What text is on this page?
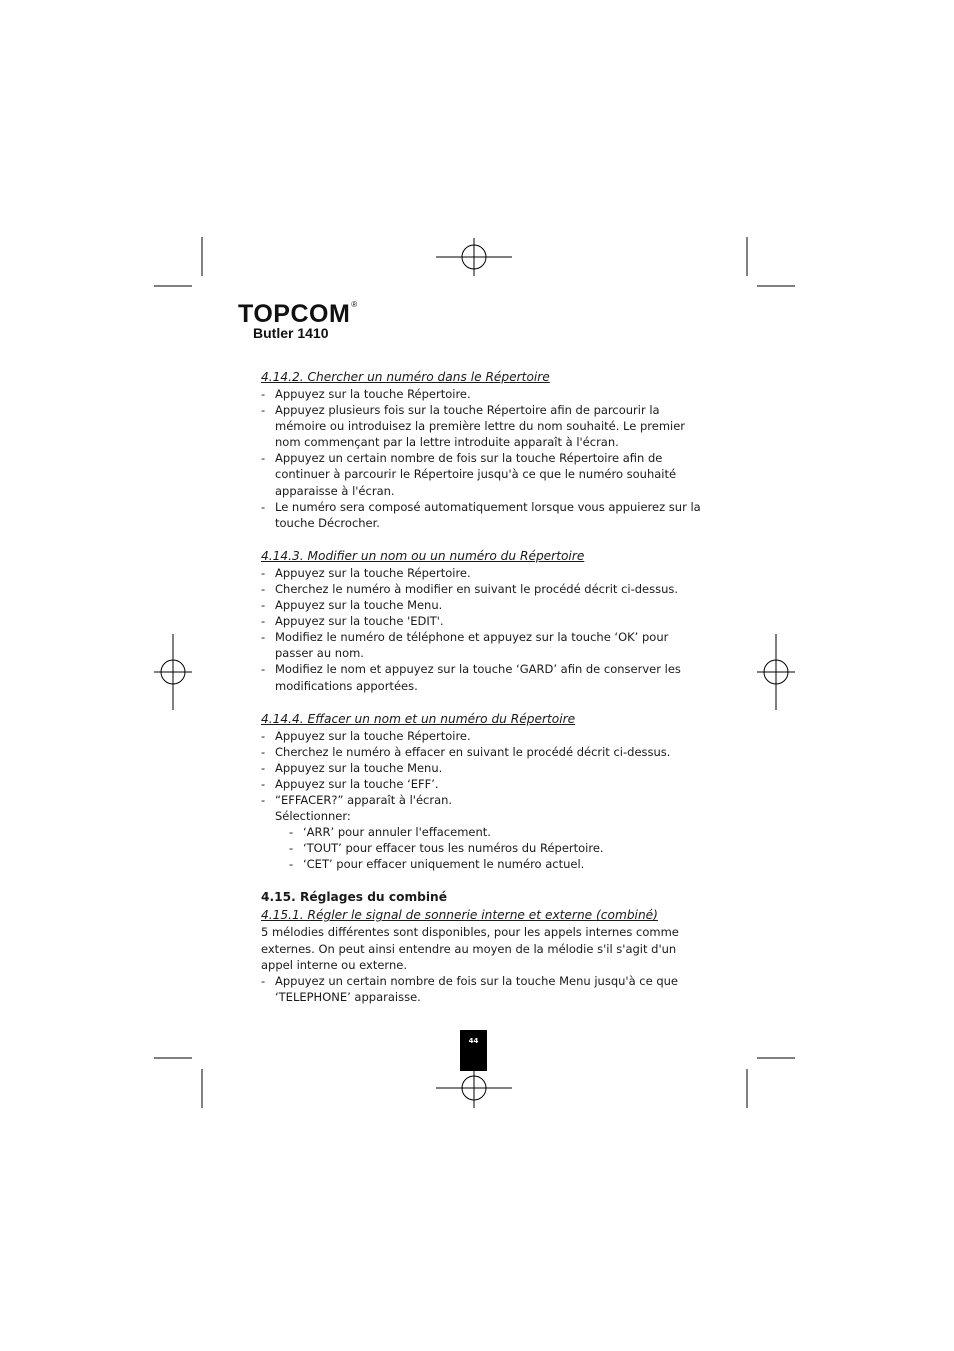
TOPCOM®
Butler 1410

4.14.2. Chercher un numéro dans le Répertoire

- Appuyez sur la touche Répertoire.
- Appuyez plusieurs fois sur la touche Répertoire afin de parcourir la mémoire ou introduisez la première lettre du nom souhaité. Le premier nom commençant par la lettre introduite apparaît à l'écran.
- Appuyez un certain nombre de fois sur la touche Répertoire afin de continuer à parcourir le Répertoire jusqu'à ce que le numéro souhaité apparaisse à l'écran.
- Le numéro sera composé automatiquement lorsque vous appuierez sur la touche Décrocher.

4.14.3. Modifier un nom ou un numéro du Répertoire

- Appuyez sur la touche Répertoire.
- Cherchez le numéro à modifier en suivant le procédé décrit ci-dessus.
- Appuyez sur la touche Menu.
- Appuyez sur la touche 'EDIT'.
- Modifiez le numéro de téléphone et appuyez sur la touche ‘OK’ pour passer au nom.
- Modifiez le nom et appuyez sur la touche ‘GARD’ afin de conserver les modifications apportées.

4.14.4. Effacer un nom et un numéro du Répertoire

- Appuyez sur la touche Répertoire.
- Cherchez le numéro à effacer en suivant le procédé décrit ci-dessus.
- Appuyez sur la touche Menu.
- Appuyez sur la touche ‘EFF’.
- “EFFACER?” apparaît à l'écran.
Sélectionner:
- ‘ARR’ pour annuler l'effacement.
- ‘TOUT’ pour effacer tous les numéros du Répertoire.
- ‘CET’ pour effacer uniquement le numéro actuel.

4.15. Réglages du combiné

4.15.1. Régler le signal de sonnerie interne et externe (combiné)

5 mélodies différentes sont disponibles, pour les appels internes comme externes. On peut ainsi entendre au moyen de la mélodie s'il s'agit d'un appel interne ou externe.

- Appuyez un certain nombre de fois sur la touche Menu jusqu'à ce que ‘TELEPHONE’ apparaisse.
44
